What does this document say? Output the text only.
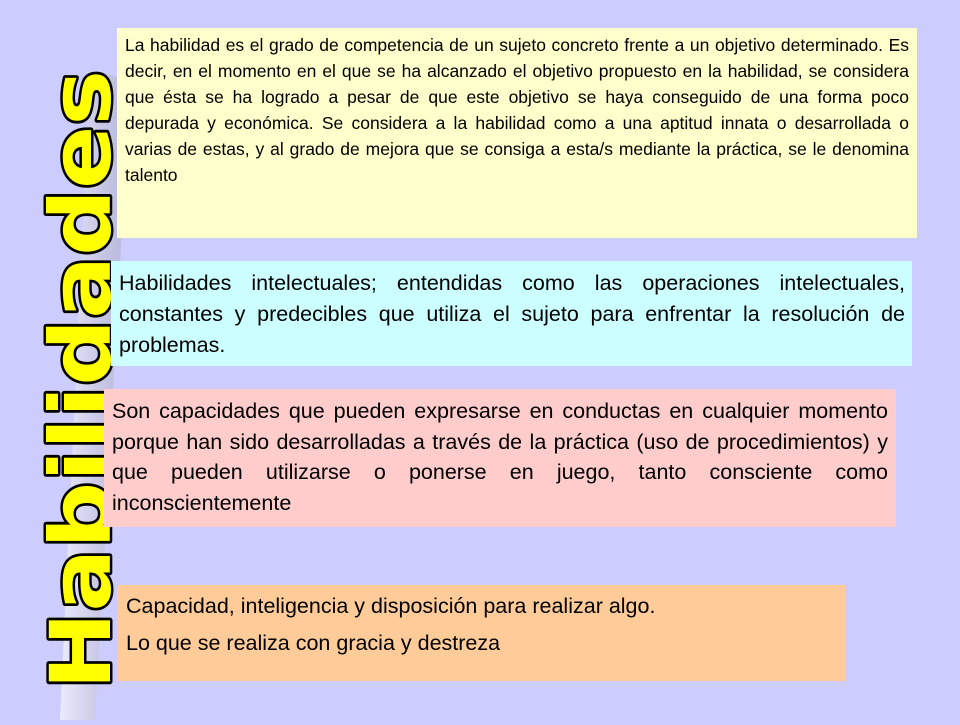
Habilidades
La habilidad es el grado de competencia de un sujeto concreto frente a un objetivo determinado. Es decir, en el momento en el que se ha alcanzado el objetivo propuesto en la habilidad, se considera que ésta se ha logrado a pesar de que este objetivo se haya conseguido de una forma poco depurada y económica. Se considera a la habilidad como a una aptitud innata o desarrollada o varias de estas, y al grado de mejora que se consiga a esta/s mediante la práctica, se le denomina talento
Habilidades intelectuales; entendidas como las operaciones intelectuales, constantes y predecibles que utiliza el sujeto para enfrentar la resolución de problemas.
Son capacidades que pueden expresarse en conductas en cualquier momento porque han sido desarrolladas a través de la práctica (uso de procedimientos) y que pueden utilizarse o ponerse en juego, tanto consciente como inconscientemente

Capacidad, inteligencia y disposición para realizar algo.

Lo que se realiza con gracia y destreza
